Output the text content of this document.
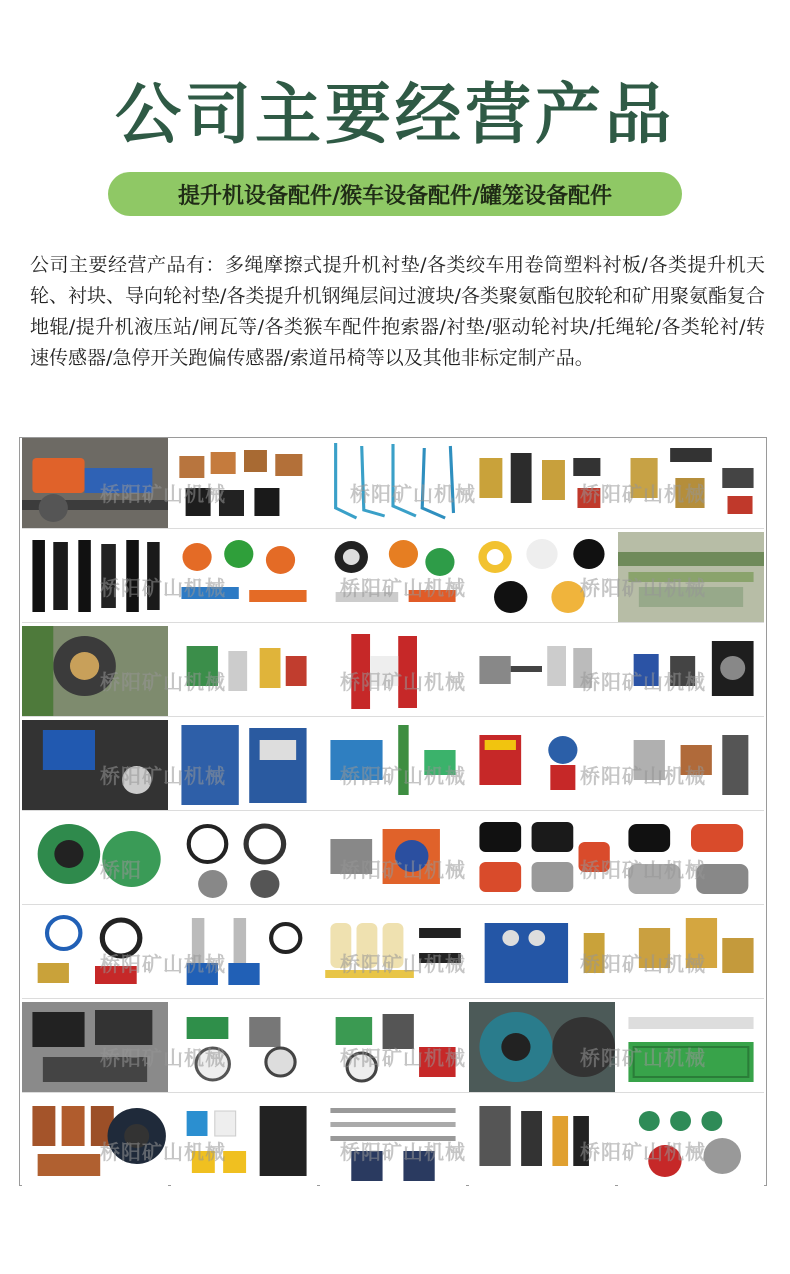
公司主要经营产品
提升机设备配件/猴车设备配件/罐笼设备配件
公司主要经营产品有：多绳摩擦式提升机衬垫/各类绞车用卷筒塑料衬板/各类提升机天轮、衬块、导向轮衬垫/各类提升机钢绳层间过渡块/各类聚氨酯包胶轮和矿用聚氨酯复合地辊/提升机液压站/闸瓦等/各类猴车配件抱索器/衬垫/驱动轮衬块/托绳轮/各类轮衬/转速传感器/急停开关跑偏传感器/索道吊椅等以及其他非标定制产品。
桥阳矿山机械	桥阳矿山机械	桥阳矿山机械
桥阳矿山机械	桥阳矿山机械	桥阳矿山机械
桥阳矿山机械	桥阳矿山机械	桥阳矿山机械
桥阳矿山机械	桥阳矿山机械	桥阳矿山机械
桥阳	桥阳矿山机械	桥阳矿山机械
桥阳矿山机械	桥阳矿山机械	桥阳矿山机械
桥阳矿山机械	桥阳矿山机械	桥阳矿山机械
桥阳矿山机械	桥阳矿山机械	桥阳矿山机械
